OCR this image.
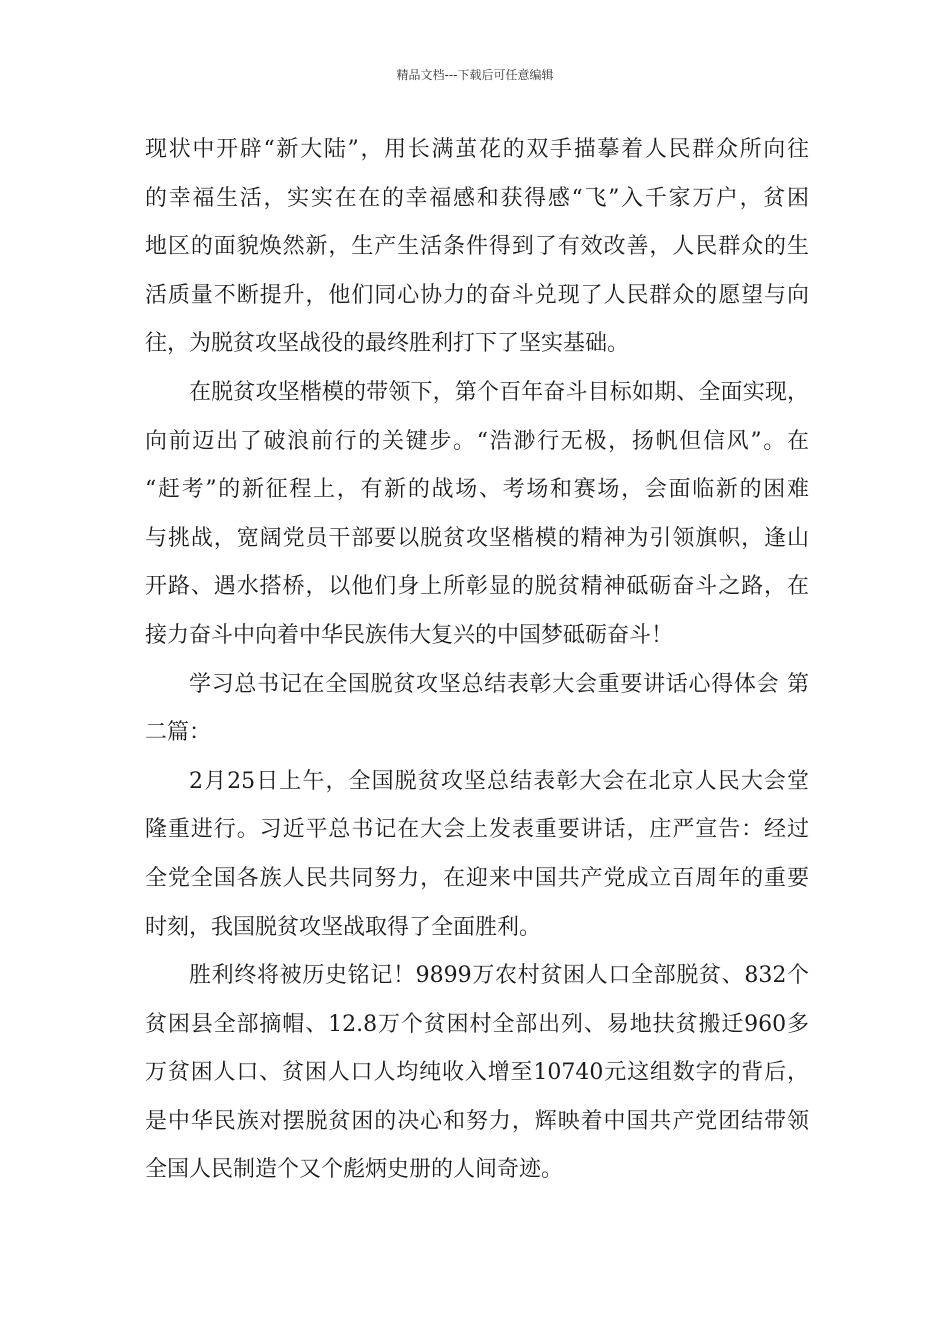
精品文档---下载后可任意编辑
现状中开辟“新大陆”，用长满茧花的双手描摹着人民群众所向往
的幸福生活，实实在在的幸福感和获得感“飞”入千家万户，贫困
地区的面貌焕然新，生产生活条件得到了有效改善，人民群众的生
活质量不断提升，他们同心协力的奋斗兑现了人民群众的愿望与向
往，为脱贫攻坚战役的最终胜利打下了坚实基础。
在脱贫攻坚楷模的带领下，第个百年奋斗目标如期、全面实现，
向前迈出了破浪前行的关键步。“浩渺行无极，扬帆但信风”。在
“赶考”的新征程上，有新的战场、考场和赛场，会面临新的困难
与挑战，宽阔党员干部要以脱贫攻坚楷模的精神为引领旗帜，逢山
开路、遇水搭桥，以他们身上所彰显的脱贫精神砥砺奋斗之路，在
接力奋斗中向着中华民族伟大复兴的中国梦砥砺奋斗！
学习总书记在全国脱贫攻坚总结表彰大会重要讲话心得体会 第
二篇：
2月25日上午，全国脱贫攻坚总结表彰大会在北京人民大会堂
隆重进行。习近平总书记在大会上发表重要讲话，庄严宣告：经过
全党全国各族人民共同努力，在迎来中国共产党成立百周年的重要
时刻，我国脱贫攻坚战取得了全面胜利。
胜利终将被历史铭记！9899万农村贫困人口全部脱贫、832个
贫困县全部摘帽、12.8万个贫困村全部出列、易地扶贫搬迁960多
万贫困人口、贫困人口人均纯收入增至10740元这组数字的背后，
是中华民族对摆脱贫困的决心和努力，辉映着中国共产党团结带领
全国人民制造个又个彪炳史册的人间奇迹。
